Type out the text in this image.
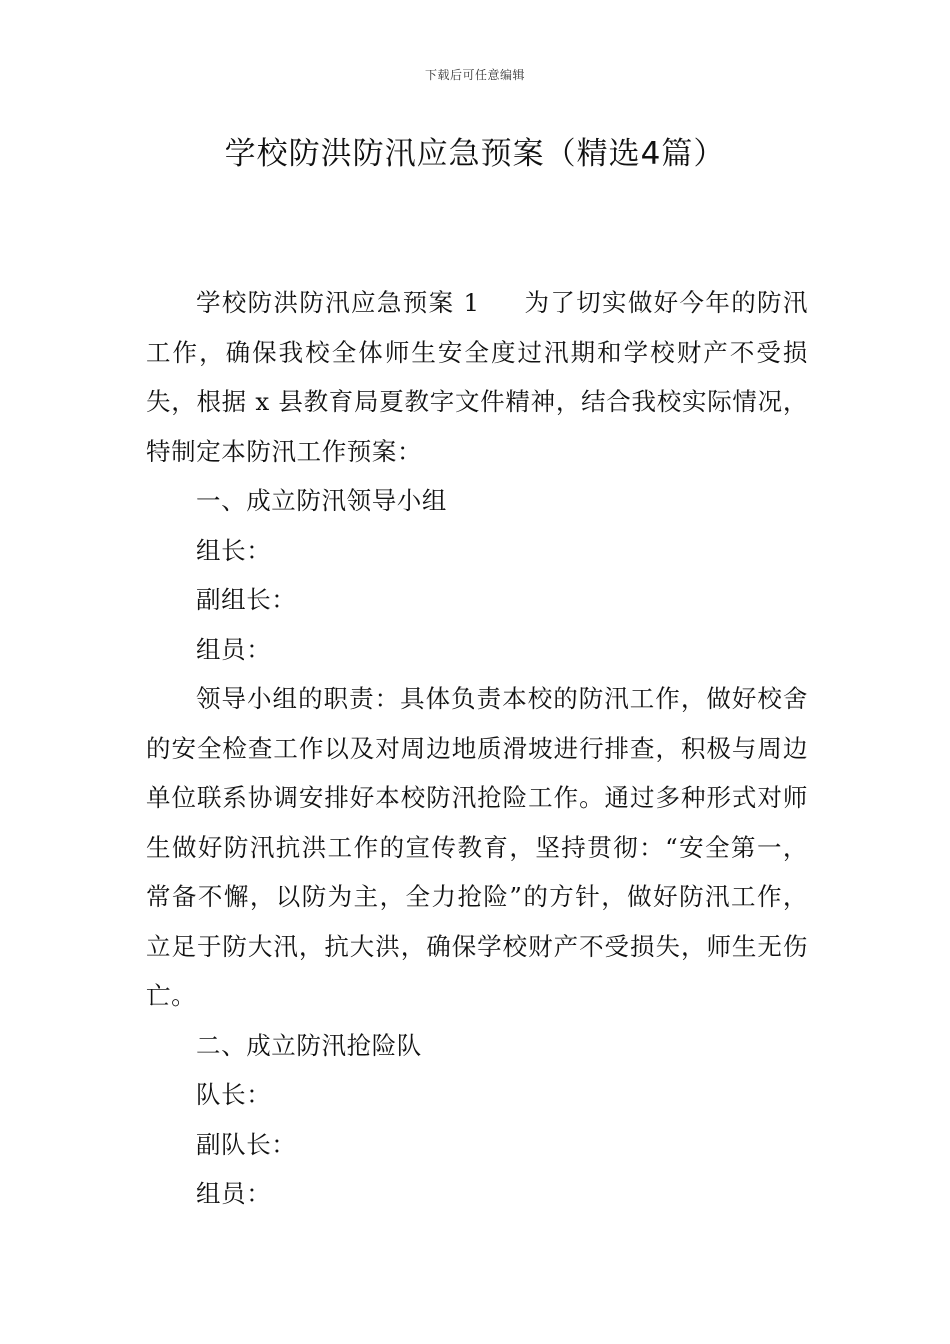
下载后可任意编辑
学校防洪防汛应急预案（精选4篇）

学校防洪防汛应急预案 1 为了切实做好今年的防汛工作，确保我校全体师生安全度过汛期和学校财产不受损失，根据 x 县教育局夏教字文件精神，结合我校实际情况，特制定本防汛工作预案：

一、成立防汛领导小组

组长：

副组长：

组员：

领导小组的职责：具体负责本校的防汛工作，做好校舍的安全检查工作以及对周边地质滑坡进行排查，积极与周边单位联系协调安排好本校防汛抢险工作。通过多种形式对师生做好防汛抗洪工作的宣传教育，坚持贯彻：“安全第一，常备不懈，以防为主，全力抢险”的方针，做好防汛工作，立足于防大汛，抗大洪，确保学校财产不受损失，师生无伤亡。

二、成立防汛抢险队

队长：

副队长：

组员：
